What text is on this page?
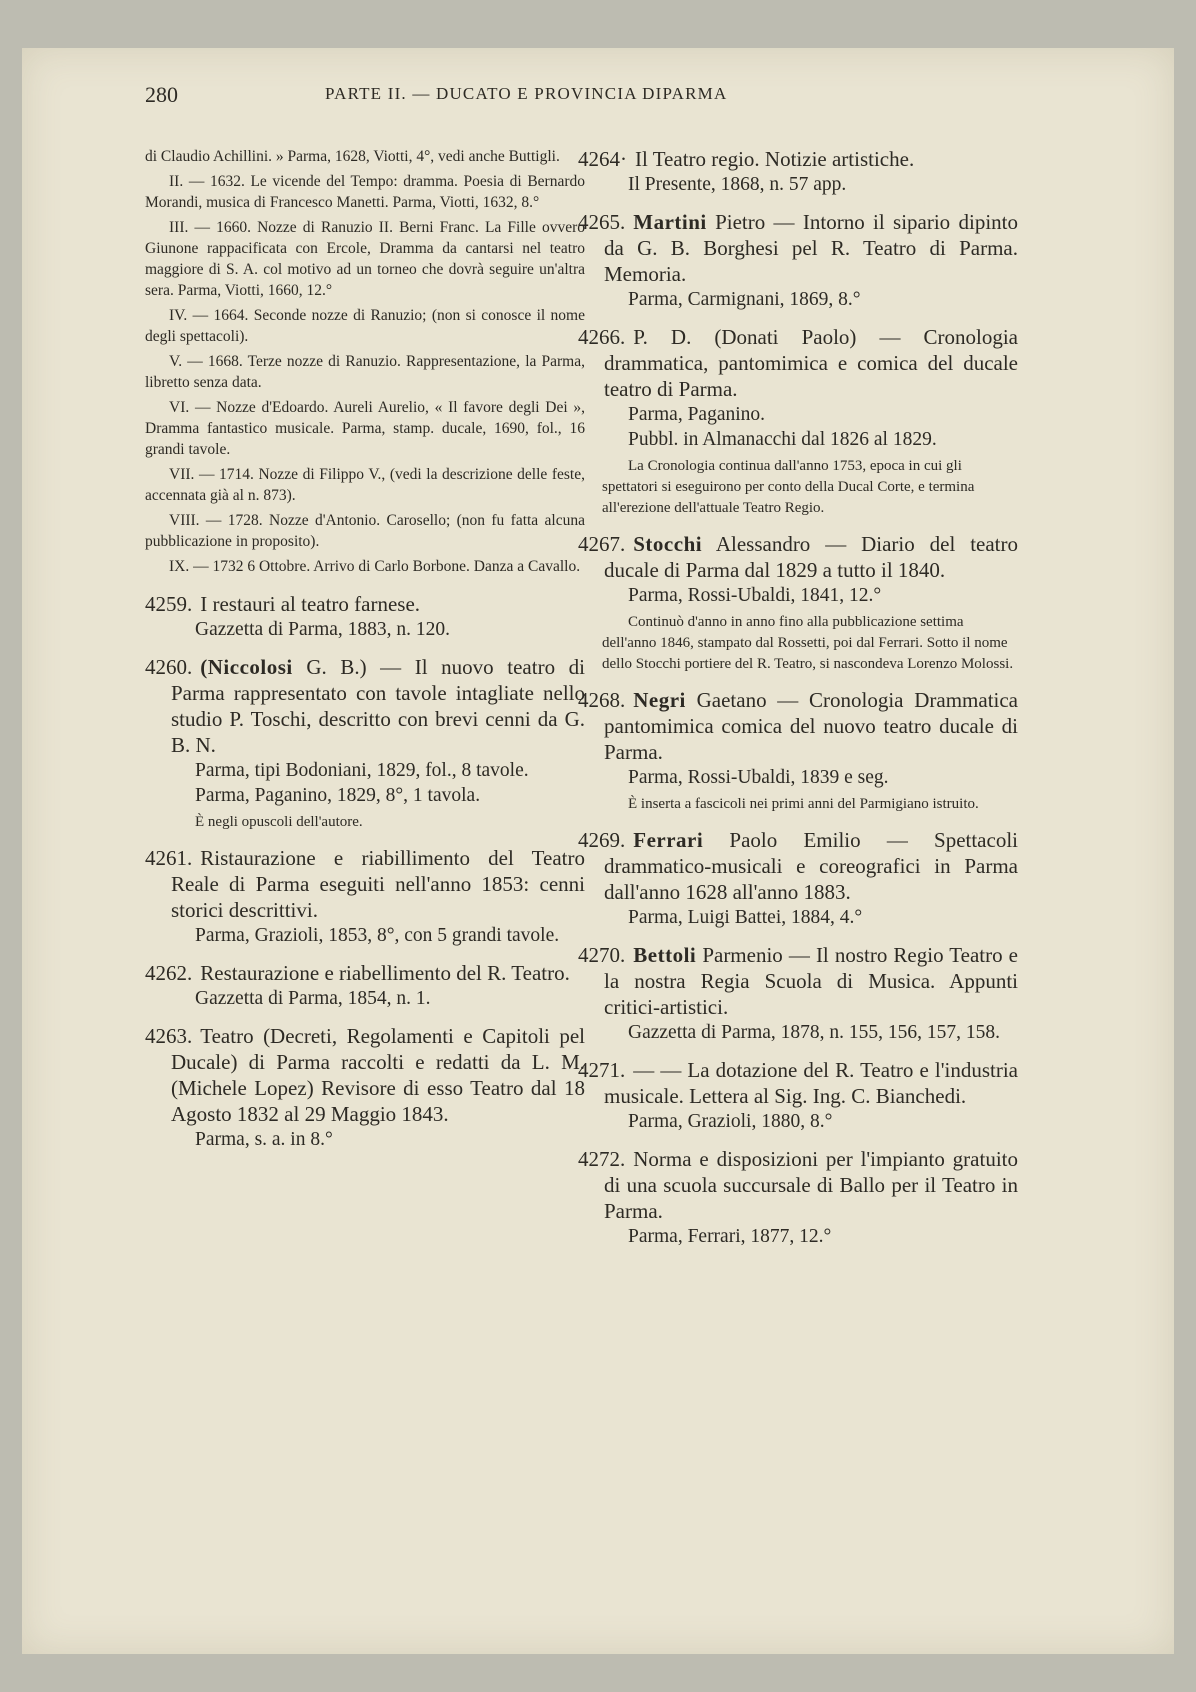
280	PARTE II. — DUCATO E PROVINCIA DIPARMA

di Claudio Achillini. » Parma, 1628, Viotti, 4°, vedi anche Buttigli.

II. — 1632. Le vicende del Tempo: dramma. Poesia di Bernardo Morandi, musica di Francesco Manetti. Parma, Viotti, 1632, 8.°

III. — 1660. Nozze di Ranuzio II. Berni Franc. La Fille ovvero Giunone rappacificata con Ercole, Dramma da cantarsi nel teatro maggiore di S. A. col motivo ad un torneo che dovrà seguire un'altra sera. Parma, Viotti, 1660, 12.°

IV. — 1664. Seconde nozze di Ranuzio; (non si conosce il nome degli spettacoli).

V. — 1668. Terze nozze di Ranuzio. Rappresentazione, la Parma, libretto senza data.

VI. — Nozze d'Edoardo. Aureli Aurelio, « Il favore degli Dei », Dramma fantastico musicale. Parma, stamp. ducale, 1690, fol., 16 grandi tavole.

VII. — 1714. Nozze di Filippo V., (vedi la descrizione delle feste, accennata già al n. 873).

VIII. — 1728. Nozze d'Antonio. Carosello; (non fu fatta alcuna pubblicazione in proposito).

IX. — 1732 6 Ottobre. Arrivo di Carlo Borbone. Danza a Cavallo.

4259. I restauri al teatro farnese.

Gazzetta di Parma, 1883, n. 120.

4260. (Niccolosi G. B.) — Il nuovo teatro di Parma rappresentato con tavole intagliate nello studio P. Toschi, descritto con brevi cenni da G. B. N.

Parma, tipi Bodoniani, 1829, fol., 8 tavole.

Parma, Paganino, 1829, 8°, 1 tavola.

È negli opuscoli dell'autore.

4261. Ristaurazione e riabillimento del Teatro Reale di Parma eseguiti nell'anno 1853: cenni storici descrittivi.

Parma, Grazioli, 1853, 8°, con 5 grandi tavole.

4262. Restaurazione e riabellimento del R. Teatro.

Gazzetta di Parma, 1854, n. 1.

4263. Teatro (Decreti, Regolamenti e Capitoli pel Ducale) di Parma raccolti e redatti da L. M. (Michele Lopez) Revisore di esso Teatro dal 18 Agosto 1832 al 29 Maggio 1843.

Parma, s. a. in 8.°

4264· Il Teatro regio. Notizie artistiche.

Il Presente, 1868, n. 57 app.

4265. Martini Pietro — Intorno il sipario dipinto da G. B. Borghesi pel R. Teatro di Parma. Memoria.

Parma, Carmignani, 1869, 8.°

4266. P. D. (Donati Paolo) — Cronologia drammatica, pantomimica e comica del ducale teatro di Parma.

Parma, Paganino.

Pubbl. in Almanacchi dal 1826 al 1829.

La Cronologia continua dall'anno 1753, epoca in cui gli spettatori si eseguirono per conto della Ducal Corte, e termina all'erezione dell'attuale Teatro Regio.

4267. Stocchi Alessandro — Diario del teatro ducale di Parma dal 1829 a tutto il 1840.

Parma, Rossi-Ubaldi, 1841, 12.°

Continuò d'anno in anno fino alla pubblicazione settima dell'anno 1846, stampato dal Rossetti, poi dal Ferrari. Sotto il nome dello Stocchi portiere del R. Teatro, si nascondeva Lorenzo Molossi.

4268. Negri Gaetano — Cronologia Drammatica pantomimica comica del nuovo teatro ducale di Parma.

Parma, Rossi-Ubaldi, 1839 e seg.

È inserta a fascicoli nei primi anni del Parmigiano istruito.

4269. Ferrari Paolo Emilio — Spettacoli drammatico-musicali e coreografici in Parma dall'anno 1628 all'anno 1883.

Parma, Luigi Battei, 1884, 4.°

4270. Bettoli Parmenio — Il nostro Regio Teatro e la nostra Regia Scuola di Musica. Appunti critici-artistici.

Gazzetta di Parma, 1878, n. 155, 156, 157, 158.

4271. — — La dotazione del R. Teatro e l'industria musicale. Lettera al Sig. Ing. C. Bianchedi.

Parma, Grazioli, 1880, 8.°

4272. Norma e disposizioni per l'impianto gratuito di una scuola succursale di Ballo per il Teatro in Parma.

Parma, Ferrari, 1877, 12.°
